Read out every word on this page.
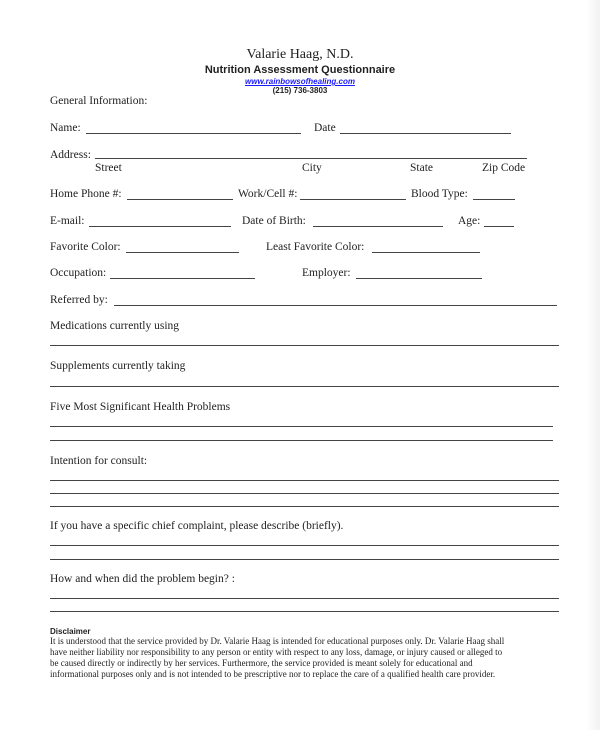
Valarie Haag, N.D.
Nutrition Assessment Questionnaire
www.rainbowsofhealing.com
(215) 736-3803
General Information:
Name:	Date
Address:
Street	City	State	Zip Code
Home Phone #:	Work/Cell #:	Blood Type:
E-mail:	Date of Birth:	Age:
Favorite Color:	Least Favorite Color:
Occupation:	Employer:
Referred by:
Medications currently using
Supplements currently taking
Five Most Significant Health Problems
Intention for consult:
If you have a specific chief complaint, please describe (briefly).
How and when did the problem begin? :
Disclaimer
It is understood that the service provided by Dr. Valarie Haag is intended for educational purposes only. Dr. Valarie Haag shall
have neither liability nor responsibility to any person or entity with respect to any loss, damage, or injury caused or alleged to
be caused directly or indirectly by her services. Furthermore, the service provided is meant solely for educational and
informational purposes only and is not intended to be prescriptive nor to replace the care of a qualified health care provider.
